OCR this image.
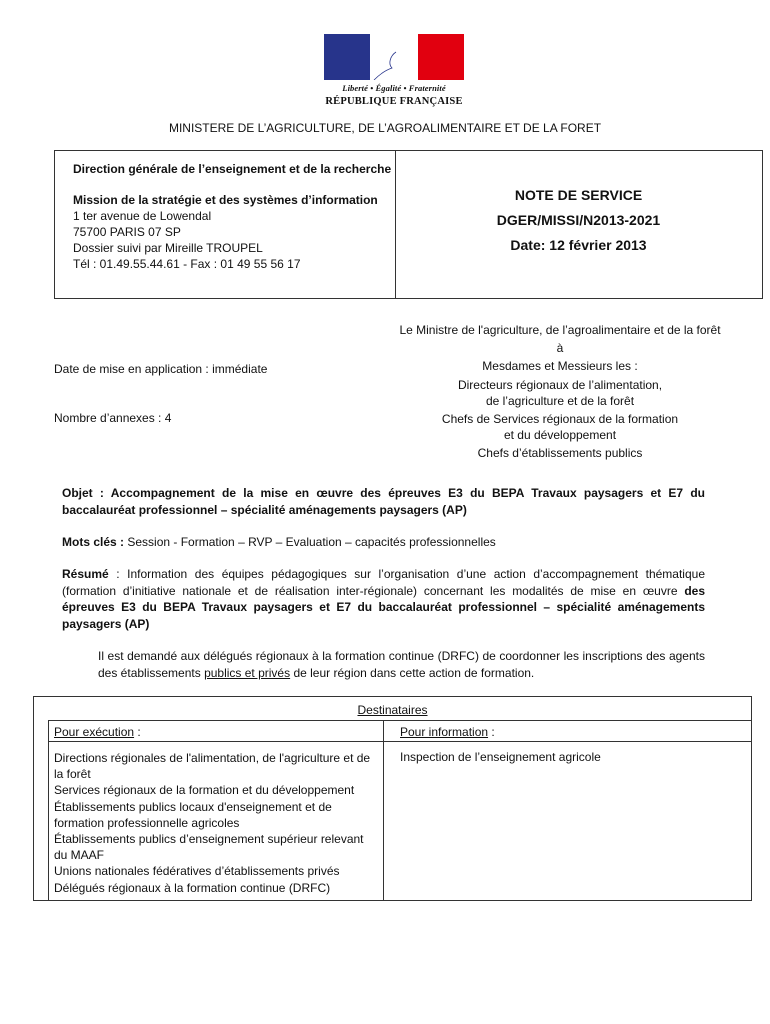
Liberté • Égalité • Fraternité
RÉPUBLIQUE FRANÇAISE
MINISTERE DE L’AGRICULTURE, DE L’AGROALIMENTAIRE ET DE LA FORET
Direction générale de l’enseignement et de la recherche
Mission de la stratégie et des systèmes d’information
1 ter avenue de Lowendal
75700 PARIS 07 SP
Dossier suivi par Mireille TROUPEL
Tél : 01.49.55.44.61 - Fax : 01 49 55 56 17
NOTE DE SERVICE
DGER/MISSI/N2013-2021
Date: 12 février 2013
Le Ministre de l'agriculture, de l’agroalimentaire et de la forêt
à
Mesdames et Messieurs les :
Directeurs régionaux de l’alimentation,
de l’agriculture et de la forêt
Chefs de Services régionaux de la formation
et du développement
Chefs d’établissements publics
Date de mise en application : immédiate
Nombre d’annexes : 4
Objet : Accompagnement de la mise en œuvre des épreuves E3 du BEPA Travaux paysagers et E7 du baccalauréat professionnel – spécialité aménagements paysagers (AP)
Mots clés : Session - Formation – RVP – Evaluation – capacités professionnelles
Résumé : Information des équipes pédagogiques sur l’organisation d’une action d’accompagnement thématique (formation d’initiative nationale et de réalisation inter-régionale) concernant les modalités de mise en œuvre des épreuves E3 du BEPA Travaux paysagers et E7 du baccalauréat professionnel – spécialité aménagements paysagers (AP)
Il est demandé aux délégués régionaux à la formation continue (DRFC) de coordonner les inscriptions des agents des établissements publics et privés de leur région dans cette action de formation.
Destinataires
Pour exécution :	Pour information :
Directions régionales de l'alimentation, de l'agriculture et de la forêt
Services régionaux de la formation et du développement
Établissements publics locaux d'enseignement et de formation professionnelle agricoles
Établissements publics d’enseignement supérieur relevant du MAAF
Unions nationales fédératives d’établissements privés
Délégués régionaux à la formation continue (DRFC)
Inspection de l’enseignement agricole
